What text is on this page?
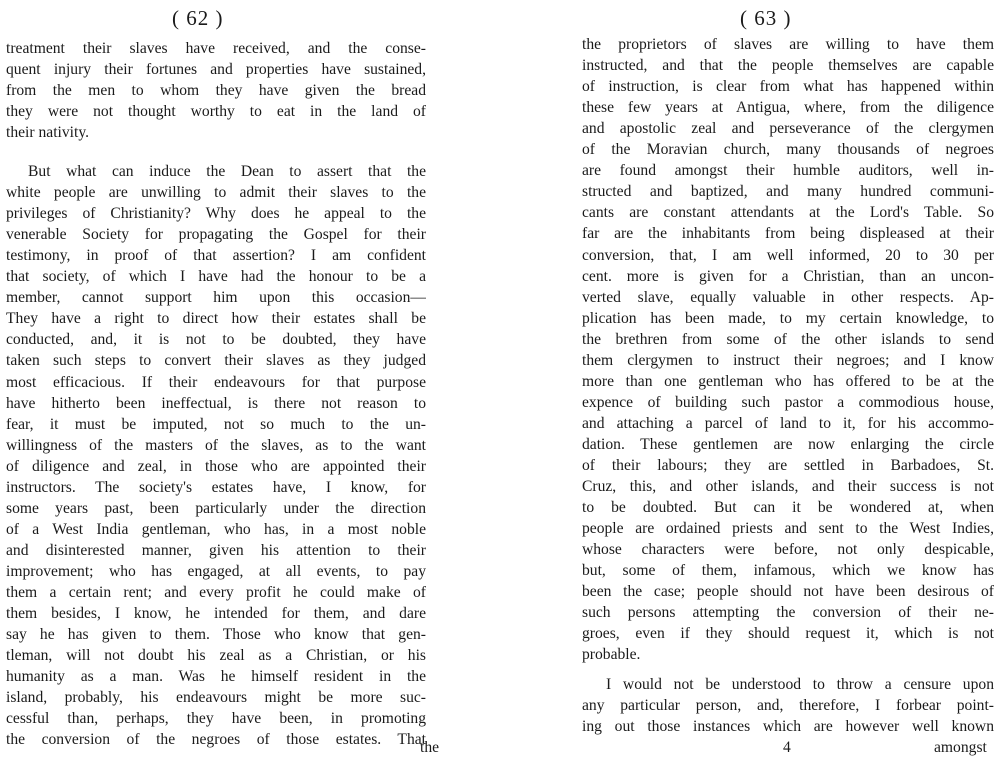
( 62 )	( 63 )
treatment their slaves have received, and the conse-
quent injury their fortunes and properties have sustained,
from the men to whom they have given the bread
they were not thought worthy to eat in the land of
their nativity.
But what can induce the Dean to assert that the
white people are unwilling to admit their slaves to the
privileges of Christianity? Why does he appeal to the
venerable Society for propagating the Gospel for their
testimony, in proof of that assertion? I am confident
that society, of which I have had the honour to be a
member, cannot support him upon this occasion—
They have a right to direct how their estates shall be
conducted, and, it is not to be doubted, they have
taken such steps to convert their slaves as they judged
most efficacious. If their endeavours for that purpose
have hitherto been ineffectual, is there not reason to
fear, it must be imputed, not so much to the un-
willingness of the masters of the slaves, as to the want
of diligence and zeal, in those who are appointed their
instructors. The society's estates have, I know, for
some years past, been particularly under the direction
of a West India gentleman, who has, in a most noble
and disinterested manner, given his attention to their
improvement; who has engaged, at all events, to pay
them a certain rent; and every profit he could make of
them besides, I know, he intended for them, and dare
say he has given to them. Those who know that gen-
tleman, will not doubt his zeal as a Christian, or his
humanity as a man. Was he himself resident in the
island, probably, his endeavours might be more suc-
cessful than, perhaps, they have been, in promoting
the conversion of the negroes of those estates. That
the proprietors of slaves are willing to have them
instructed, and that the people themselves are capable
of instruction, is clear from what has happened within
these few years at Antigua, where, from the diligence
and apostolic zeal and perseverance of the clergymen
of the Moravian church, many thousands of negroes
are found amongst their humble auditors, well in-
structed and baptized, and many hundred communi-
cants are constant attendants at the Lord's Table. So
far are the inhabitants from being displeased at their
conversion, that, I am well informed, 20 to 30 per
cent. more is given for a Christian, than an uncon-
verted slave, equally valuable in other respects. Ap-
plication has been made, to my certain knowledge, to
the brethren from some of the other islands to send
them clergymen to instruct their negroes; and I know
more than one gentleman who has offered to be at the
expence of building such pastor a commodious house,
and attaching a parcel of land to it, for his accommo-
dation. These gentlemen are now enlarging the circle
of their labours; they are settled in Barbadoes, St.
Cruz, this, and other islands, and their success is not
to be doubted. But can it be wondered at, when
people are ordained priests and sent to the West Indies,
whose characters were before, not only despicable,
but, some of them, infamous, which we know has
been the case; people should not have been desirous of
such persons attempting the conversion of their ne-
groes, even if they should request it, which is not
probable.
I would not be understood to throw a censure upon
any particular person, and, therefore, I forbear point-
ing out those instances which are however well known
the	4	amongst
